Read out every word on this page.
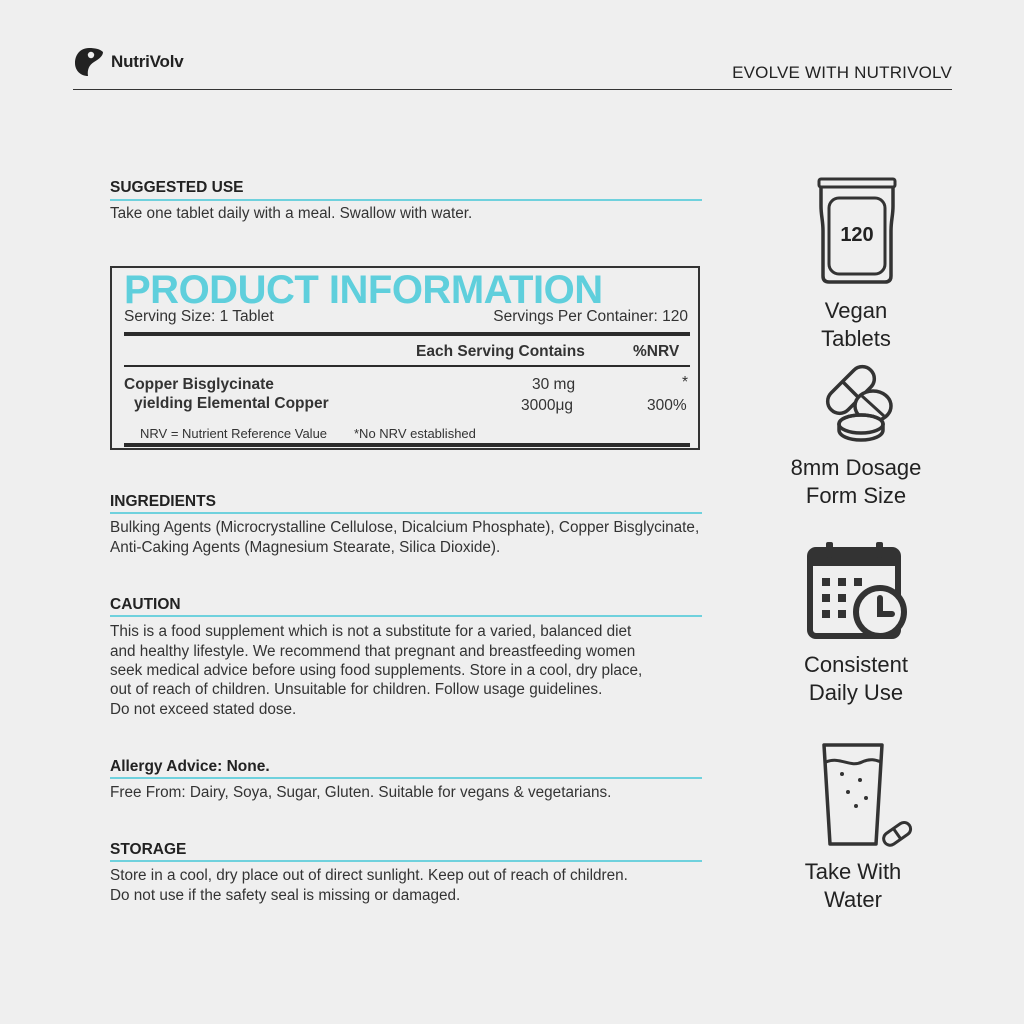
NutriVolv
EVOLVE WITH NUTRIVOLV
SUGGESTED USE
Take one tablet daily with a meal. Swallow with water.
PRODUCT INFORMATION
Serving Size: 1 Tablet	Servings Per Container: 120
Each Serving Contains	%NRV
Copper Bisglycinate	30 mg	*
yielding Elemental Copper	3000μg	300%
NRV = Nutrient Reference Value *No NRV established
INGREDIENTS
Bulking Agents (Microcrystalline Cellulose, Dicalcium Phosphate), Copper Bisglycinate,
Anti-Caking Agents (Magnesium Stearate, Silica Dioxide).
CAUTION
This is a food supplement which is not a substitute for a varied, balanced diet
and healthy lifestyle. We recommend that pregnant and breastfeeding women
seek medical advice before using food supplements. Store in a cool, dry place,
out of reach of children. Unsuitable for children. Follow usage guidelines.
Do not exceed stated dose.
Allergy Advice: None.
Free From: Dairy, Soya, Sugar, Gluten. Suitable for vegans & vegetarians.
STORAGE
Store in a cool, dry place out of direct sunlight. Keep out of reach of children.
Do not use if the safety seal is missing or damaged.
120
Vegan
Tablets
8mm Dosage
Form Size
Consistent
Daily Use
Take With
Water
